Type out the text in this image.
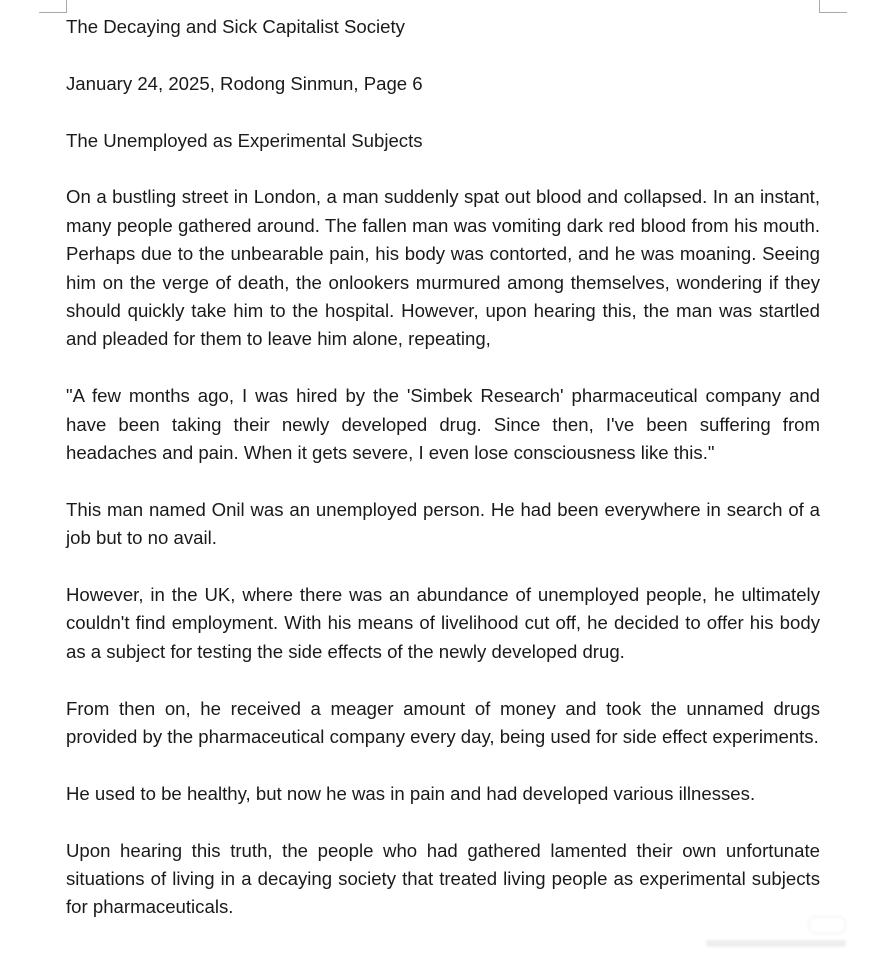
The Decaying and Sick Capitalist Society

January 24, 2025, Rodong Sinmun, Page 6

The Unemployed as Experimental Subjects

On a bustling street in London, a man suddenly spat out blood and collapsed. In an instant, many people gathered around. The fallen man was vomiting dark red blood from his mouth. Perhaps due to the unbearable pain, his body was contorted, and he was moaning. Seeing him on the verge of death, the onlookers murmured among themselves, wondering if they should quickly take him to the hospital. However, upon hearing this, the man was startled and pleaded for them to leave him alone, repeating,

"A few months ago, I was hired by the 'Simbek Research' pharmaceutical company and have been taking their newly developed drug. Since then, I've been suffering from headaches and pain. When it gets severe, I even lose consciousness like this."

This man named Onil was an unemployed person. He had been everywhere in search of a job but to no avail.

However, in the UK, where there was an abundance of unemployed people, he ultimately couldn't find employment. With his means of livelihood cut off, he decided to offer his body as a subject for testing the side effects of the newly developed drug.

From then on, he received a meager amount of money and took the unnamed drugs provided by the pharmaceutical company every day, being used for side effect experiments.

He used to be healthy, but now he was in pain and had developed various illnesses.

Upon hearing this truth, the people who had gathered lamented their own unfortunate situations of living in a decaying society that treated living people as experimental subjects for pharmaceuticals.
